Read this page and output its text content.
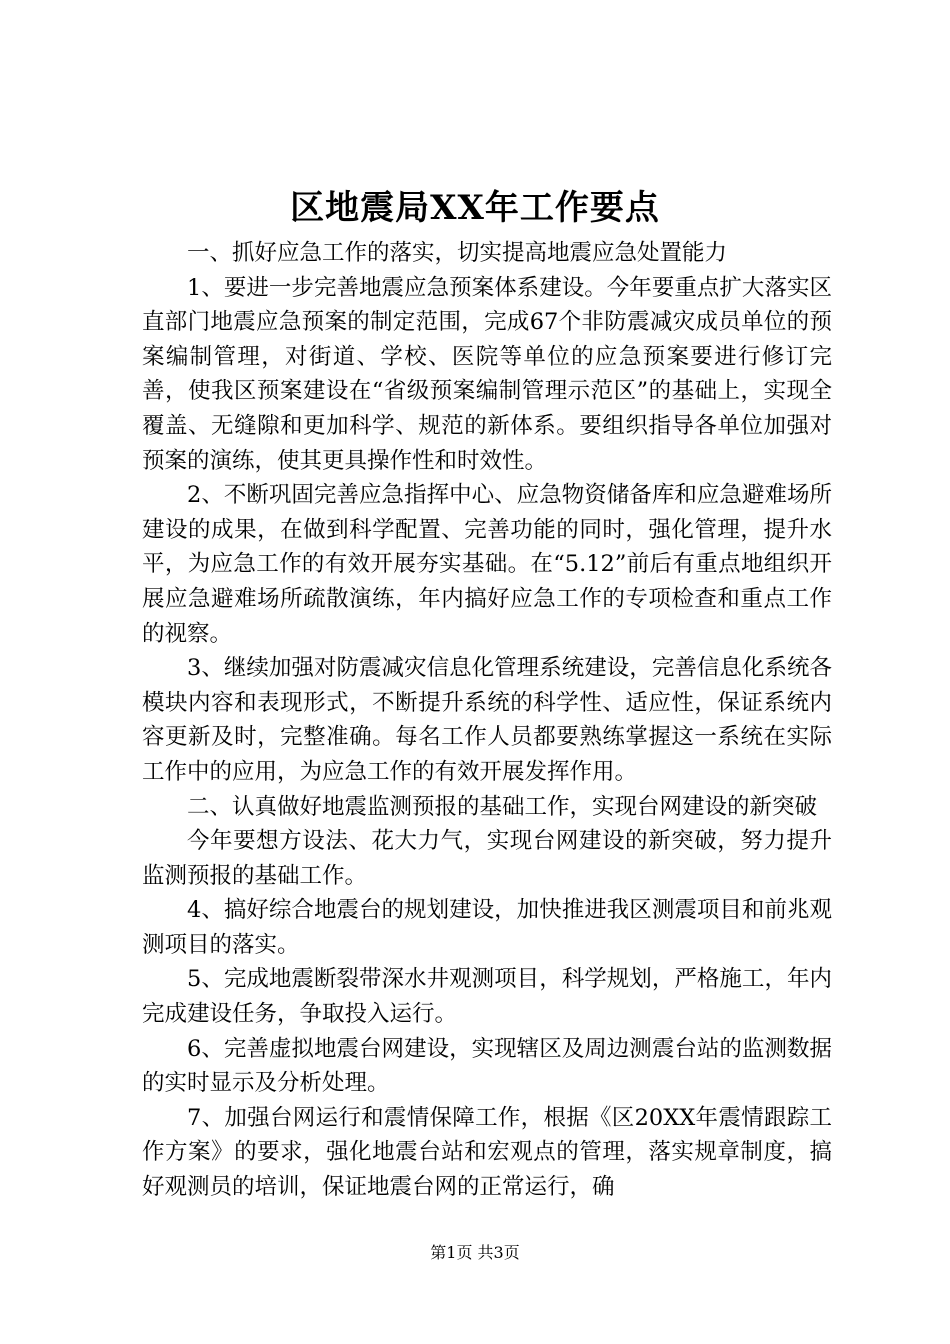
区地震局XX年工作要点

一、抓好应急工作的落实，切实提高地震应急处置能力

1、要进一步完善地震应急预案体系建设。今年要重点扩大落实区直部门地震应急预案的制定范围，完成67个非防震减灾成员单位的预案编制管理，对街道、学校、医院等单位的应急预案要进行修订完善，使我区预案建设在“省级预案编制管理示范区”的基础上，实现全覆盖、无缝隙和更加科学、规范的新体系。要组织指导各单位加强对预案的演练，使其更具操作性和时效性。

2、不断巩固完善应急指挥中心、应急物资储备库和应急避难场所建设的成果，在做到科学配置、完善功能的同时，强化管理，提升水平，为应急工作的有效开展夯实基础。在“5.12”前后有重点地组织开展应急避难场所疏散演练，年内搞好应急工作的专项检查和重点工作的视察。

3、继续加强对防震减灾信息化管理系统建设，完善信息化系统各模块内容和表现形式，不断提升系统的科学性、适应性，保证系统内容更新及时，完整准确。每名工作人员都要熟练掌握这一系统在实际工作中的应用，为应急工作的有效开展发挥作用。

二、认真做好地震监测预报的基础工作，实现台网建设的新突破

今年要想方设法、花大力气，实现台网建设的新突破，努力提升监测预报的基础工作。

4、搞好综合地震台的规划建设，加快推进我区测震项目和前兆观测项目的落实。

5、完成地震断裂带深水井观测项目，科学规划，严格施工，年内完成建设任务，争取投入运行。

6、完善虚拟地震台网建设，实现辖区及周边测震台站的监测数据的实时显示及分析处理。

7、加强台网运行和震情保障工作，根据《区20XX年震情跟踪工作方案》的要求，强化地震台站和宏观点的管理，落实规章制度，搞好观测员的培训，保证地震台网的正常运行，确

第1页 共3页
